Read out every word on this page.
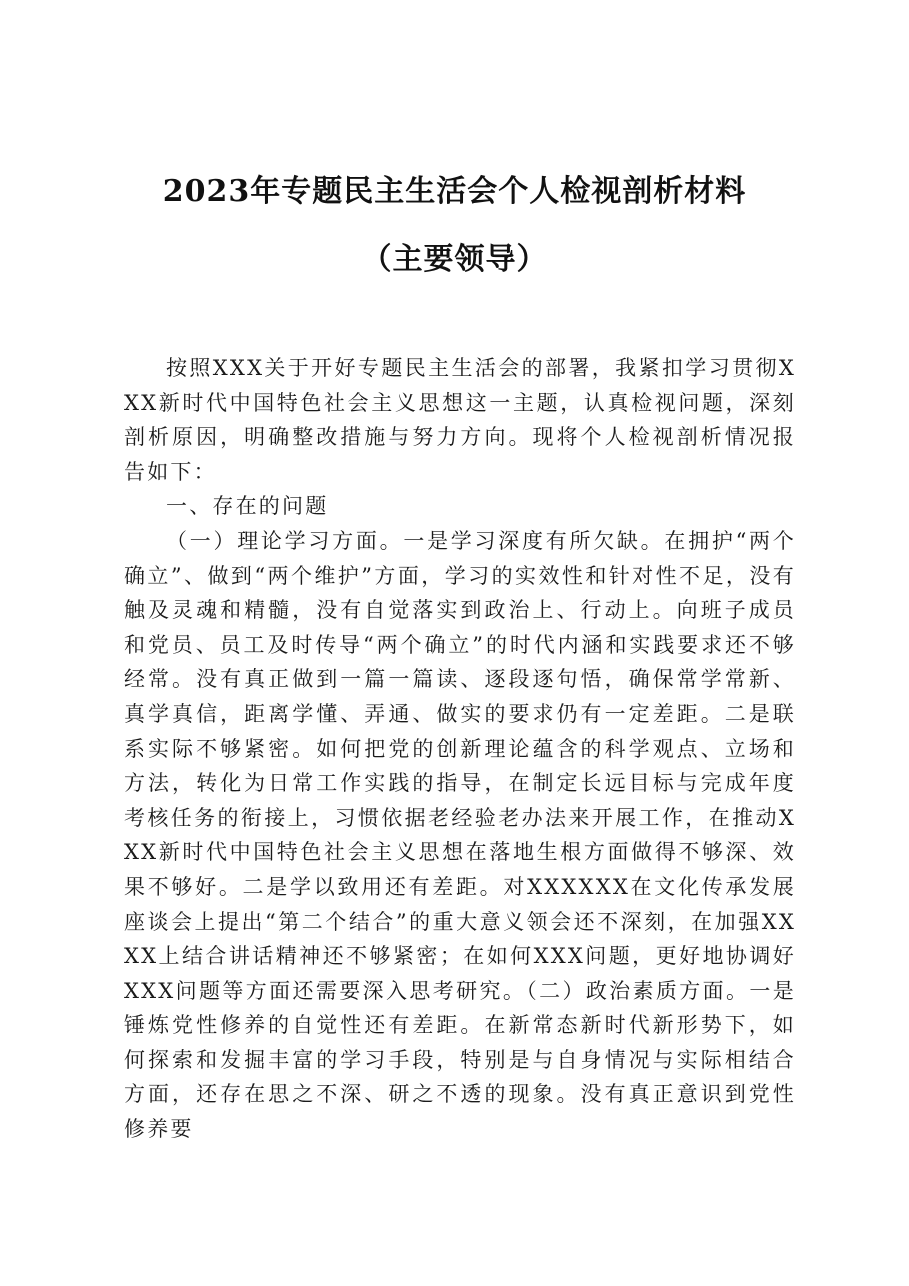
2023年专题民主生活会个人检视剖析材料
（主要领导）

按照XXX关于开好专题民主生活会的部署，我紧扣学习贯彻XXX新时代中国特色社会主义思想这一主题，认真检视问题，深刻剖析原因，明确整改措施与努力方向。现将个人检视剖析情况报告如下：

一、存在的问题

（一）理论学习方面。一是学习深度有所欠缺。在拥护“两个确立”、做到“两个维护”方面，学习的实效性和针对性不足，没有触及灵魂和精髓，没有自觉落实到政治上、行动上。向班子成员和党员、员工及时传导“两个确立”的时代内涵和实践要求还不够经常。没有真正做到一篇一篇读、逐段逐句悟，确保常学常新、真学真信，距离学懂、弄通、做实的要求仍有一定差距。二是联系实际不够紧密。如何把党的创新理论蕴含的科学观点、立场和方法，转化为日常工作实践的指导，在制定长远目标与完成年度考核任务的衔接上，习惯依据老经验老办法来开展工作，在推动XXX新时代中国特色社会主义思想在落地生根方面做得不够深、效果不够好。二是学以致用还有差距。对XXXXXX在文化传承发展座谈会上提出“第二个结合”的重大意义领会还不深刻，在加强XXXX上结合讲话精神还不够紧密；在如何XXX问题，更好地协调好XXX问题等方面还需要深入思考研究。（二）政治素质方面。一是锤炼党性修养的自觉性还有差距。在新常态新时代新形势下，如何探索和发掘丰富的学习手段，特别是与自身情况与实际相结合方面，还存在思之不深、研之不透的现象。没有真正意识到党性修养要
